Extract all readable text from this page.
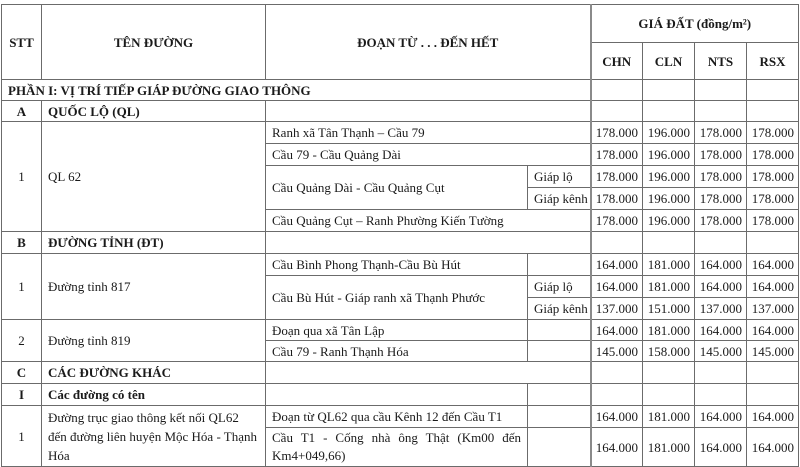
STT	TÊN ĐƯỜNG	ĐOẠN TỪ . . . ĐẾN HẾT		GIÁ ĐẤT (đồng/m²)			
				CHN	CLN	NTS	RSX
PHẦN I: VỊ TRÍ TIẾP GIÁP ĐƯỜNG GIAO THÔNG							
A	QUỐC LỘ (QL)						
1	QL 62	Ranh xã Tân Thạnh – Cầu 79		178.000	196.000	178.000	178.000
		Cầu 79 - Cầu Quảng Dài		178.000	196.000	178.000	178.000
		Cầu Quảng Dài - Cầu Quảng Cụt	Giáp lộ	178.000	196.000	178.000	178.000
			Giáp kênh	178.000	196.000	178.000	178.000
		Cầu Quảng Cụt – Ranh Phường Kiến Tường		178.000	196.000	178.000	178.000
B	ĐƯỜNG TỈNH (ĐT)						
1	Đường tỉnh 817	Cầu Bình Phong Thạnh-Cầu Bù Hút		164.000	181.000	164.000	164.000
		Cầu Bù Hút - Giáp ranh xã Thạnh Phước	Giáp lộ	164.000	181.000	164.000	164.000
			Giáp kênh	137.000	151.000	137.000	137.000
2	Đường tỉnh 819	Đoạn qua xã Tân Lập		164.000	181.000	164.000	164.000
		Cầu 79 - Ranh Thạnh Hóa		145.000	158.000	145.000	145.000
C	CÁC ĐƯỜNG KHÁC						
I	Các đường có tên						
1	Đường trục giao thông kết nối QL62 đến đường liên huyện Mộc Hóa - Thạnh Hóa	Đoạn từ QL62 qua cầu Kênh 12 đến Cầu T1		164.000	181.000	164.000	164.000
		Cầu T1 - Cống nhà ông Thật (Km00 đến Km4+049,66)		164.000	181.000	164.000	164.000
